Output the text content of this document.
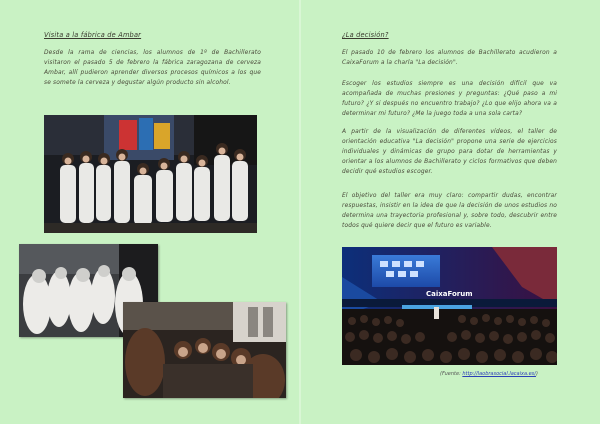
Visita a la fábrica de Ambar

Desde la rama de ciencias, los alumnos de 1º de Bachillerato visitaron el pasado 5 de febrero la fábrica zaragozana de cerveza Ambar, allí pudieron aprender diversos procesos químicos a los que se somete la cerveza y degustar algún producto sin alcohol.

¿La decisión?

El pasado 10 de febrero los alumnos de Bachillerato acudieron a CaixaForum a la charla "La decisión".

Escoger los estudios siempre es una decisión difícil que va acompañada de muchas presiones y preguntas: ¿Qué paso a mi futuro? ¿Y si después no encuentro trabajo? ¿Lo que elijo ahora va a determinar mi futuro? ¿Me la juego toda a una sola carta?

A partir de la visualización de diferentes vídeos, el taller de orientación educativa "La decisión" propone una serie de ejercicios individuales y dinámicas de grupo para dotar de herramientas y orientar a los alumnos de Bachillerato y ciclos formativos que deben decidir qué estudios escoger.

El objetivo del taller era muy claro: compartir dudas, encontrar respuestas, insistir en la idea de que la decisión de unos estudios no determina una trayectoria profesional y, sobre todo, descubrir entre todos qué quiere decir que el futuro es variable.

CaixaForum
(Fuente: http://laobrasocial.lacaixa.es/)
